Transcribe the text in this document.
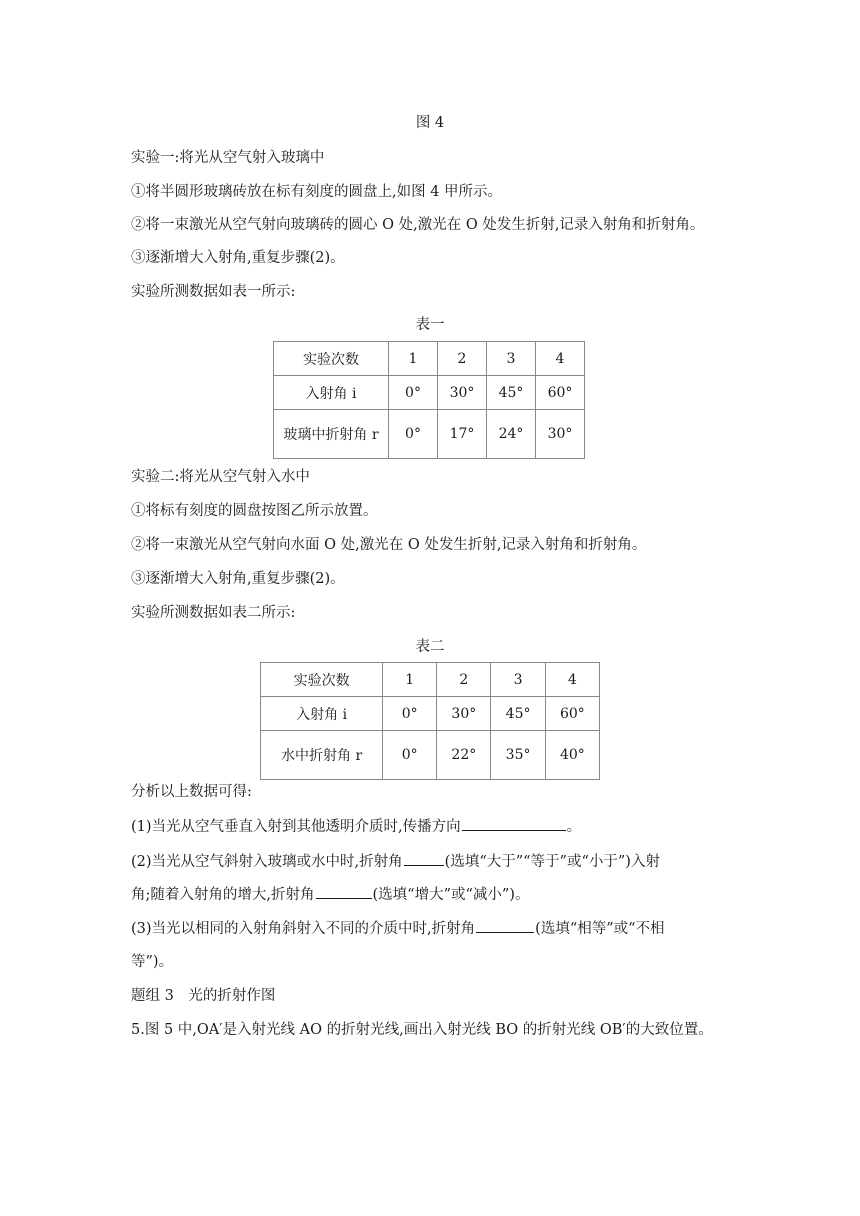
图 4
实验一:将光从空气射入玻璃中
①将半圆形玻璃砖放在标有刻度的圆盘上,如图 4 甲所示。
②将一束激光从空气射向玻璃砖的圆心 O 处,激光在 O 处发生折射,记录入射角和折射角。
③逐渐增大入射角,重复步骤(2)。
实验所测数据如表一所示:
表一
实验次数	1	2	3	4
入射角 i	0°	30°	45°	60°
玻璃中折射角 r	0°	17°	24°	30°
实验二:将光从空气射入水中
①将标有刻度的圆盘按图乙所示放置。
②将一束激光从空气射向水面 O 处,激光在 O 处发生折射,记录入射角和折射角。
③逐渐增大入射角,重复步骤(2)。
实验所测数据如表二所示:
表二
实验次数	1	2	3	4
入射角 i	0°	30°	45°	60°
水中折射角 r	0°	22°	35°	40°
分析以上数据可得:
(1)当光从空气垂直入射到其他透明介质时,传播方向	。
(2)当光从空气斜射入玻璃或水中时,折射角	(选填“大于”“等于”或“小于”)入射
角;随着入射角的增大,折射角	(选填“增大”或“减小”)。
(3)当光以相同的入射角斜射入不同的介质中时,折射角	(选填“相等”或“不相
等”)。
题组 3　光的折射作图
5.图 5 中,OA′是入射光线 AO 的折射光线,画出入射光线 BO 的折射光线 OB′的大致位置。
